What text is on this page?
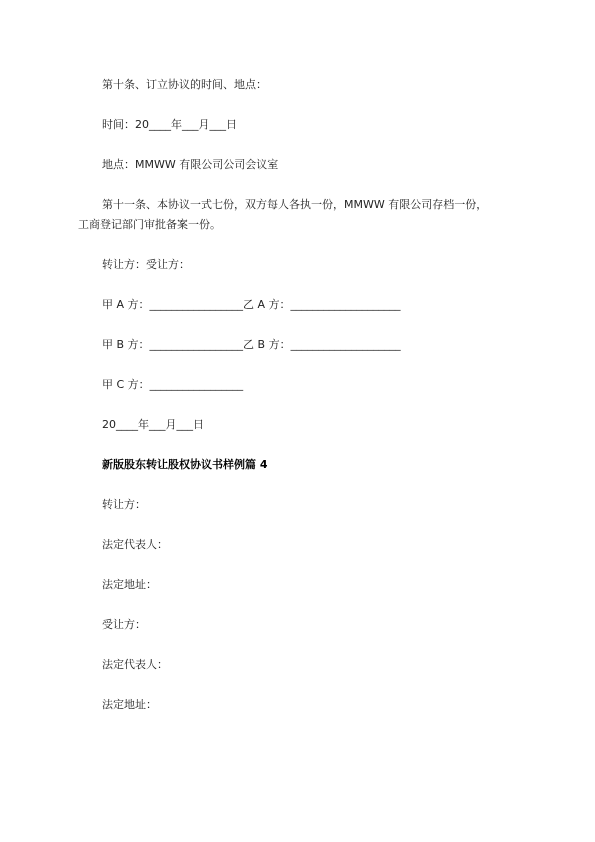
第十条、订立协议的时间、地点：
时间：20____年___月___日
地点：MMWW 有限公司公司会议室
第十一条、本协议一式七份，双方每人各执一份，MMWW 有限公司存档一份，工商登记部门审批备案一份。
转让方：受让方：
甲 A 方：_________________乙 A 方：____________________
甲 B 方：_________________乙 B 方：____________________
甲 C 方：_________________
20____年___月___日
新版股东转让股权协议书样例篇 4
转让方：
法定代表人：
法定地址：
受让方：
法定代表人：
法定地址：
